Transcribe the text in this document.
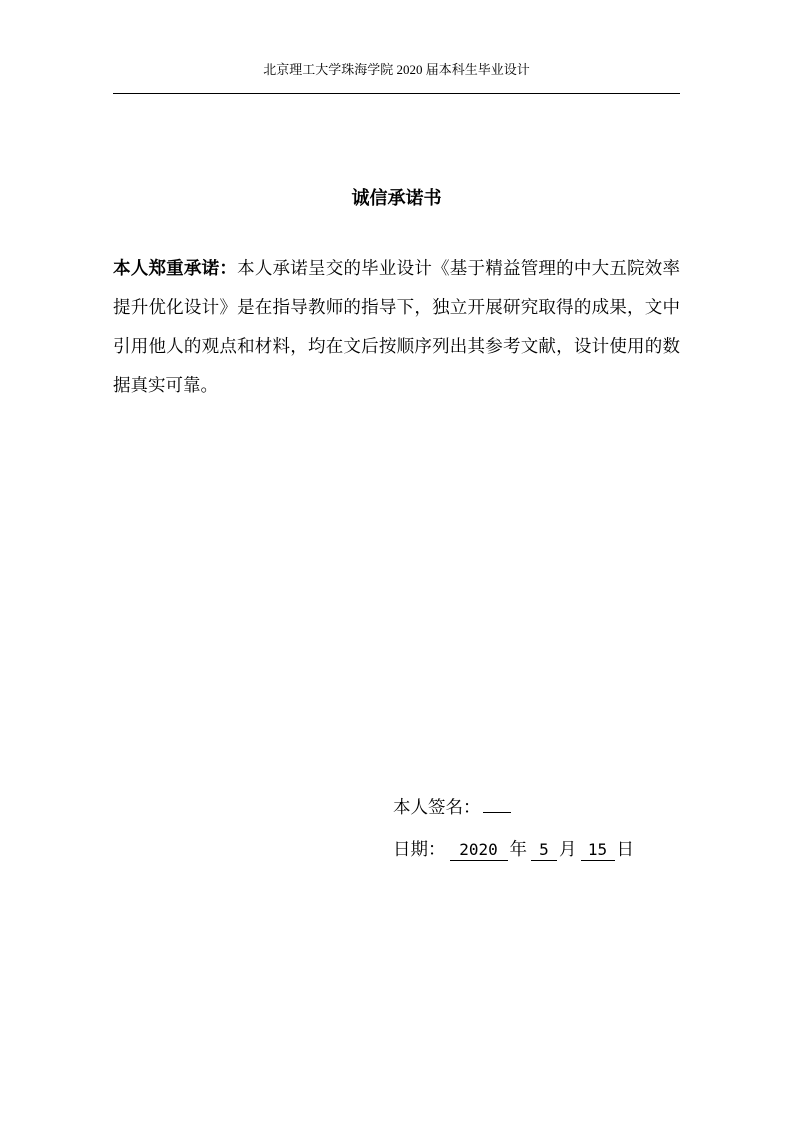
北京理工大学珠海学院 2020 届本科生毕业设计
诚信承诺书
本人郑重承诺：本人承诺呈交的毕业设计《基于精益管理的中大五院效率提升优化设计》是在指导教师的指导下，独立开展研究取得的成果，文中引用他人的观点和材料，均在文后按顺序列出其参考文献，设计使用的数据真实可靠。
本人签名：
日期： 2020 年 5 月 15 日
